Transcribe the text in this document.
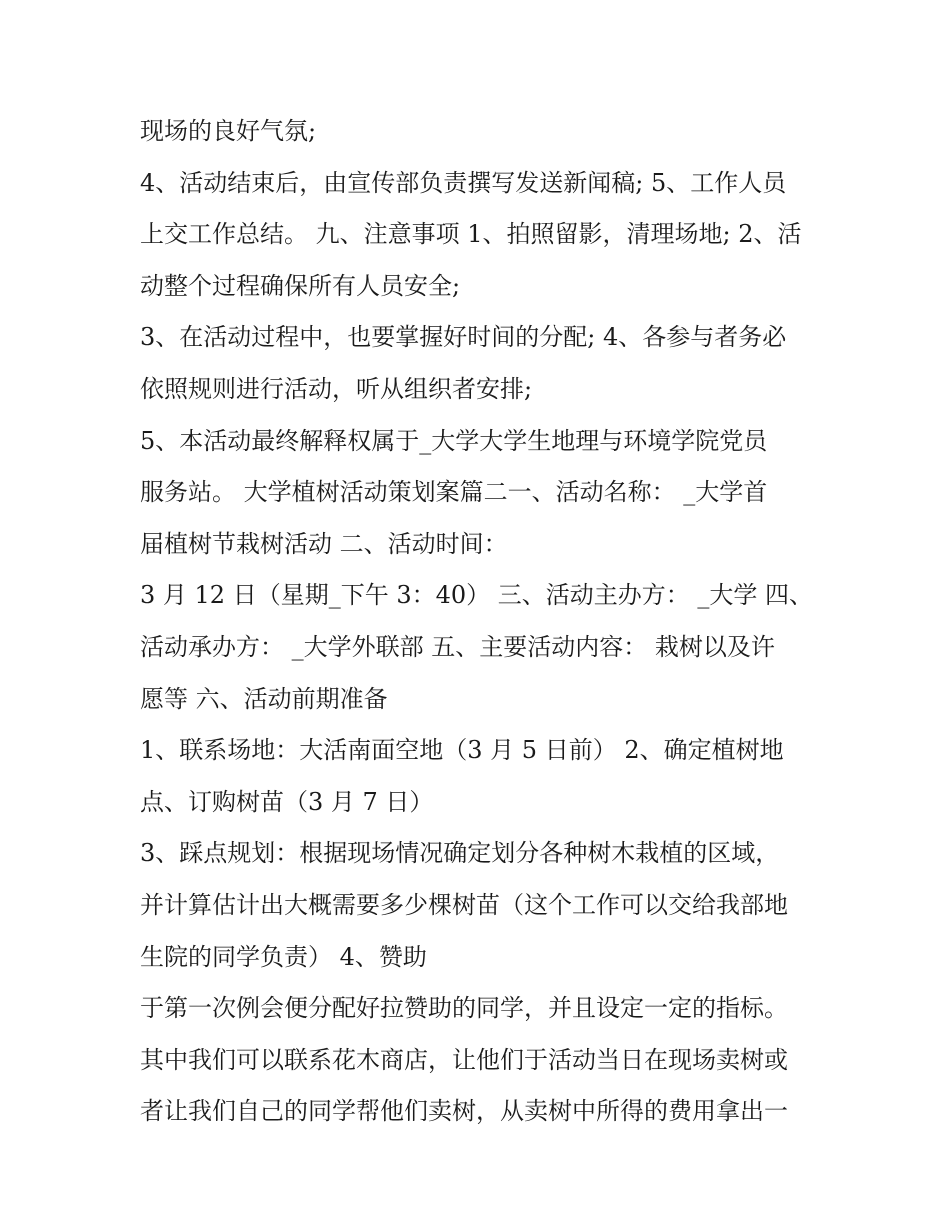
现场的良好气氛;
4、活动结束后，由宣传部负责撰写发送新闻稿; 5、工作人员
上交工作总结。 九、注意事项 1、拍照留影，清理场地; 2、活
动整个过程确保所有人员安全;
3、在活动过程中，也要掌握好时间的分配; 4、各参与者务必
依照规则进行活动，听从组织者安排;
5、本活动最终解释权属于_大学大学生地理与环境学院党员
服务站。 大学植树活动策划案篇二一、活动名称： _大学首
届植树节栽树活动 二、活动时间：
3 月 12 日（星期_下午 3：40） 三、活动主办方： _大学 四、
活动承办方： _大学外联部 五、主要活动内容： 栽树以及许
愿等 六、活动前期准备
1、联系场地：大活南面空地（3 月 5 日前） 2、确定植树地
点、订购树苗（3 月 7 日）
3、踩点规划：根据现场情况确定划分各种树木栽植的区域，
并计算估计出大概需要多少棵树苗（这个工作可以交给我部地
生院的同学负责） 4、赞助
于第一次例会便分配好拉赞助的同学，并且设定一定的指标。
其中我们可以联系花木商店，让他们于活动当日在现场卖树或
者让我们自己的同学帮他们卖树，从卖树中所得的费用拿出一
